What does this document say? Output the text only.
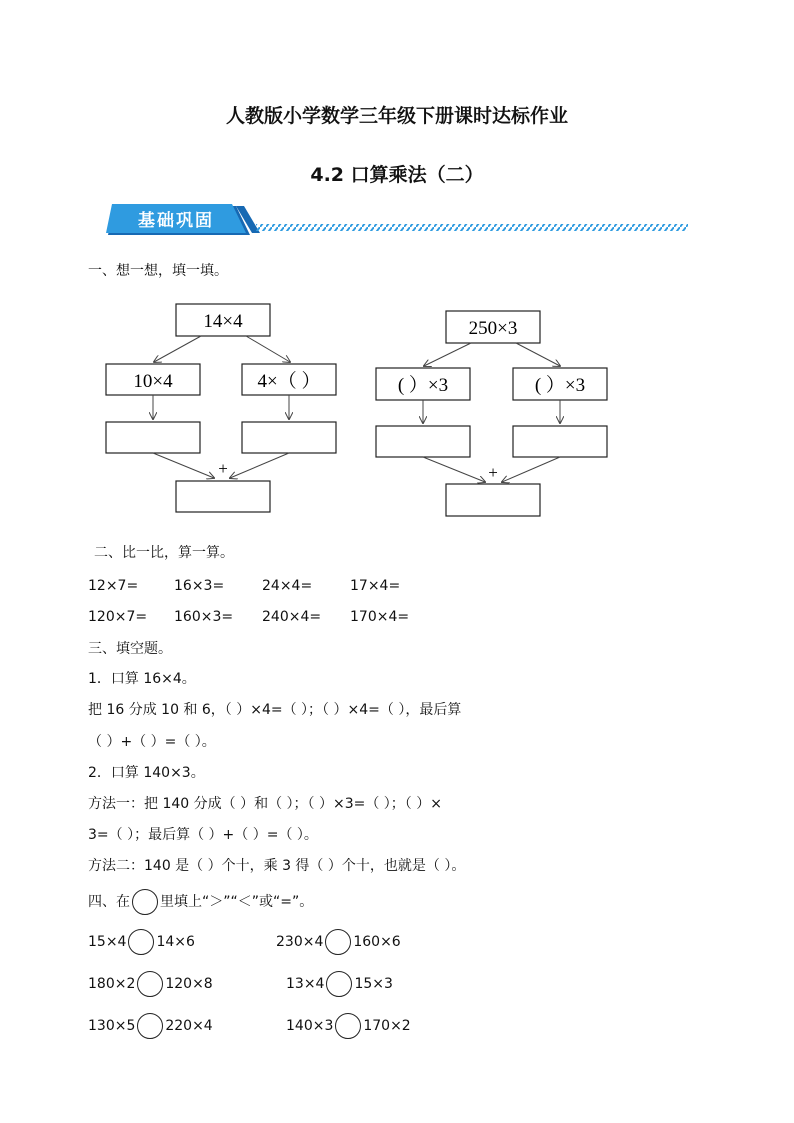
人教版小学数学三年级下册课时达标作业
4.2 口算乘法（二）
基础巩固
一、想一想，填一填。
14×4
10×4	4×（ ）
+
250×3
( ）×3	( ）×3
+
二、比一比，算一算。
12×7=	16×3=	24×4=	17×4=
120×7= 160×3= 240×4= 170×4=
三、填空题。
1．口算 16×4。
把 16 分成 10 和 6，（ ）×4=（ ）；（ ）×4=（ ），最后算
（ ）+（ ）=（ ）。
2．口算 140×3。
方法一：把 140 分成（ ）和（ ）；（ ）×3=（ ）；（ ）×
3=（ ）；最后算（ ）+（ ）=（ ）。
方法二：140 是（ ）个十，乘 3 得（ ）个十，也就是（ ）。
四、在 里填上“＞”“＜”或“=”。
15×4 14×6	230×4 160×6
180×2 120×8	13×4 15×3
130×5 220×4	140×3 170×2
